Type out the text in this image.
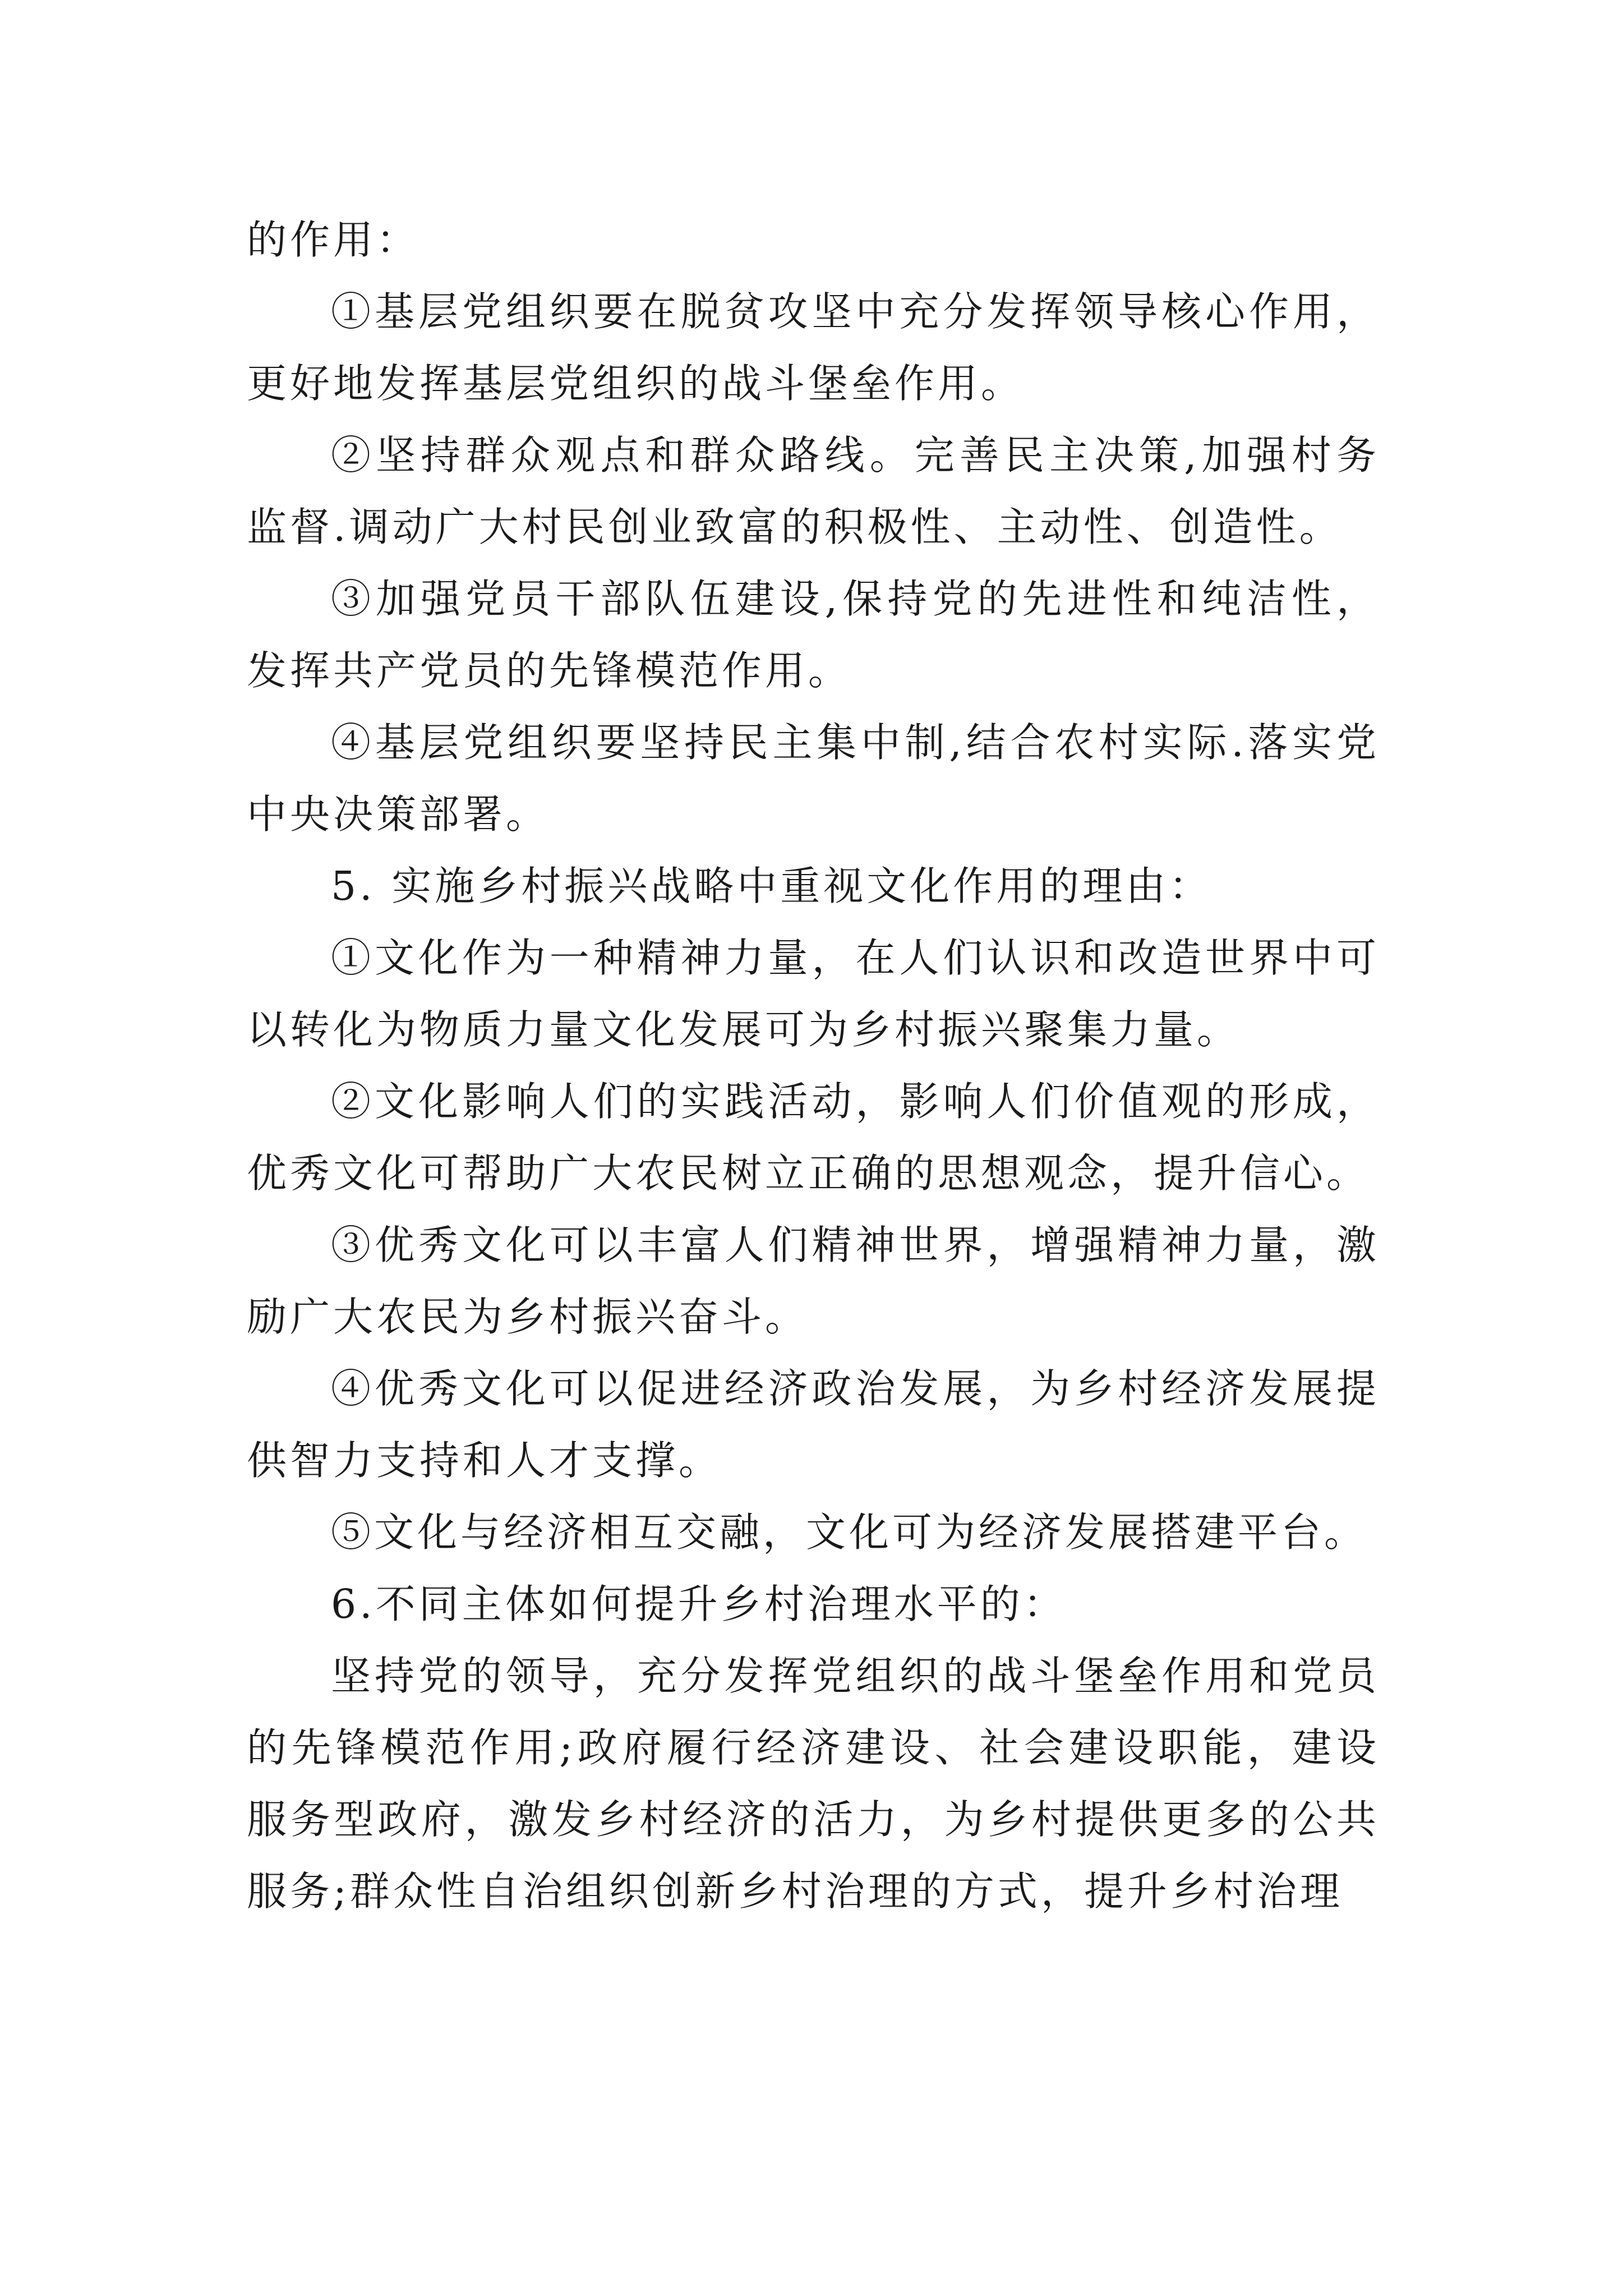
的作用：

①基层党组织要在脱贫攻坚中充分发挥领导核心作用，更好地发挥基层党组织的战斗堡垒作用。

②坚持群众观点和群众路线。完善民主决策,加强村务监督.调动广大村民创业致富的积极性、主动性、创造性。

③加强党员干部队伍建设,保持党的先进性和纯洁性，发挥共产党员的先锋模范作用。

④基层党组织要坚持民主集中制,结合农村实际.落实党中央决策部署。

5. 实施乡村振兴战略中重视文化作用的理由：

①文化作为一种精神力量，在人们认识和改造世界中可以转化为物质力量文化发展可为乡村振兴聚集力量。

②文化影响人们的实践活动，影响人们价值观的形成，优秀文化可帮助广大农民树立正确的思想观念，提升信心。

③优秀文化可以丰富人们精神世界，增强精神力量，激励广大农民为乡村振兴奋斗。

④优秀文化可以促进经济政治发展，为乡村经济发展提供智力支持和人才支撑。

⑤文化与经济相互交融，文化可为经济发展搭建平台。

6.不同主体如何提升乡村治理水平的：

坚持党的领导，充分发挥党组织的战斗堡垒作用和党员的先锋模范作用;政府履行经济建设、社会建设职能，建设服务型政府，激发乡村经济的活力，为乡村提供更多的公共服务;群众性自治组织创新乡村治理的方式，提升乡村治理
